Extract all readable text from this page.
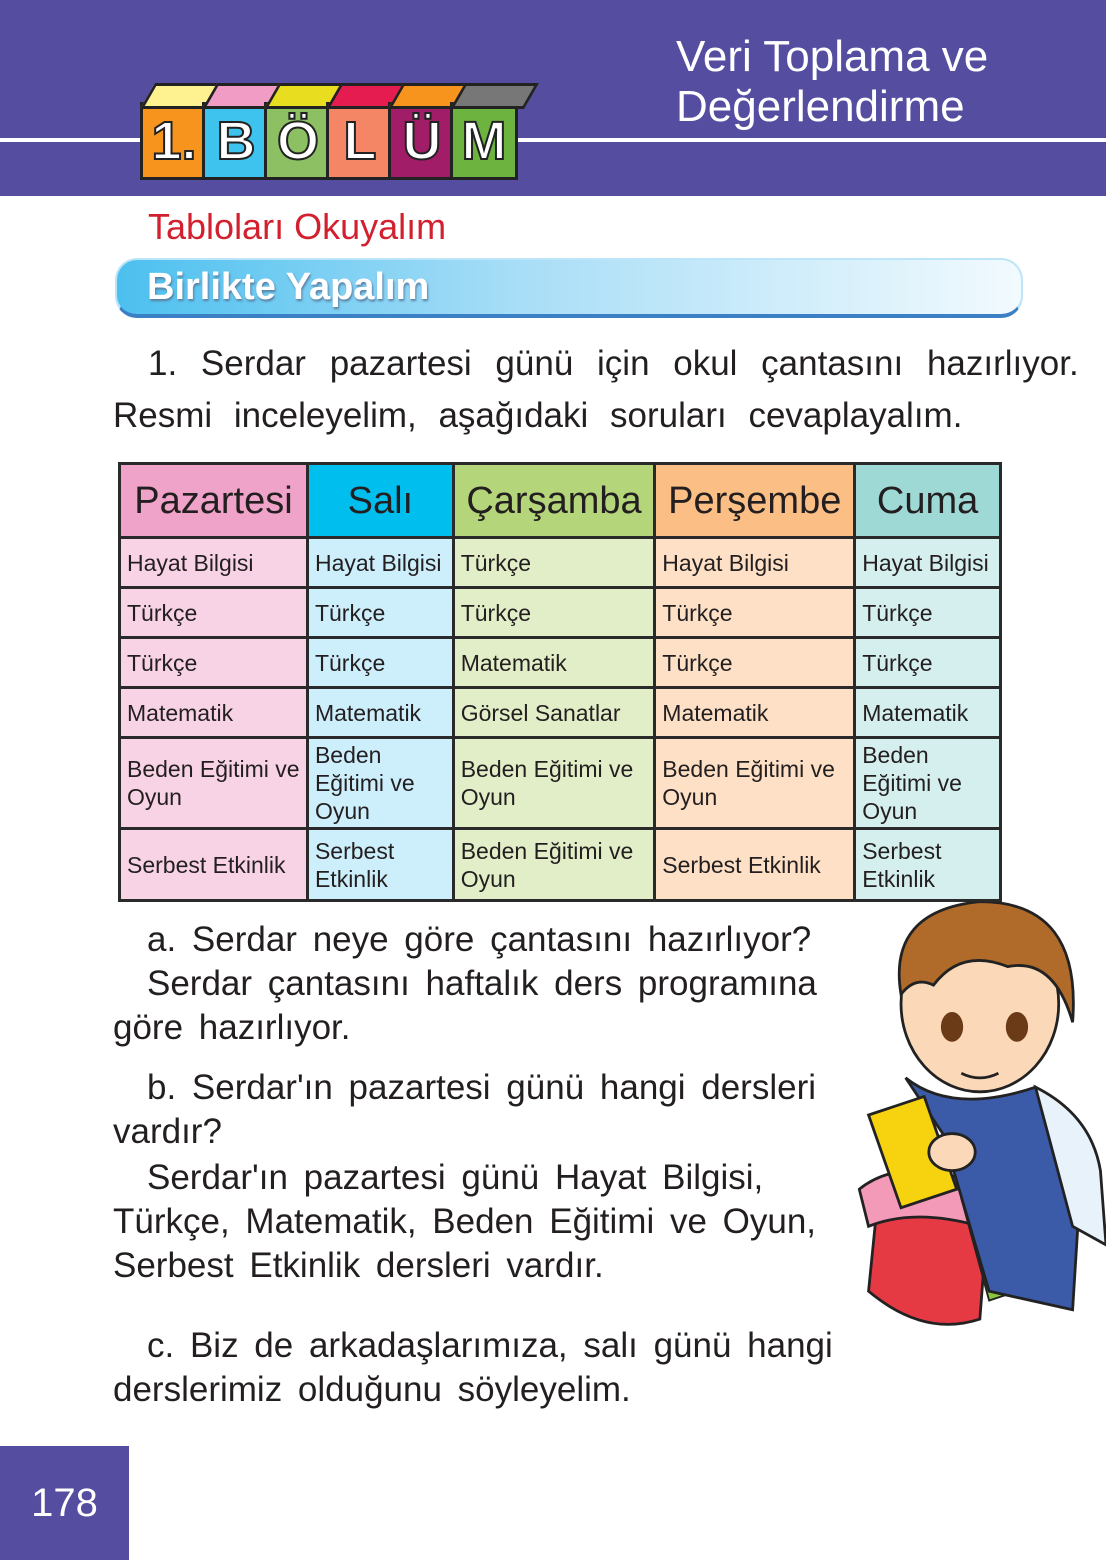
1. B Ö L Ü M
Veri Toplama ve
Değerlendirme
Tabloları Okuyalım
Birlikte Yapalım
1. Serdar pazartesi günü için okul çantasını hazırlıyor.
Resmi inceleyelim, aşağıdaki soruları cevaplayalım.
Pazartesi	Salı	Çarşamba	Perşembe	Cuma
Hayat Bilgisi	Hayat Bilgisi	Türkçe	Hayat Bilgisi	Hayat Bilgisi
Türkçe	Türkçe	Türkçe	Türkçe	Türkçe
Türkçe	Türkçe	Matematik	Türkçe	Türkçe
Matematik	Matematik	Görsel Sanatlar	Matematik	Matematik
Beden Eğitimi ve Oyun	Beden Eğitimi ve Oyun	Beden Eğitimi ve Oyun	Beden Eğitimi ve Oyun	Beden Eğitimi ve Oyun
Serbest Etkinlik	Serbest Etkinlik	Beden Eğitimi ve Oyun	Serbest Etkinlik	Serbest Etkinlik
a. Serdar neye göre çantasını hazırlıyor?
Serdar çantasını haftalık ders programına
göre hazırlıyor.
b. Serdar'ın pazartesi günü hangi dersleri
vardır?
Serdar'ın pazartesi günü Hayat Bilgisi,
Türkçe, Matematik, Beden Eğitimi ve Oyun,
Serbest Etkinlik dersleri vardır.
c. Biz de arkadaşlarımıza, salı günü hangi
derslerimiz olduğunu söyleyelim.
178
